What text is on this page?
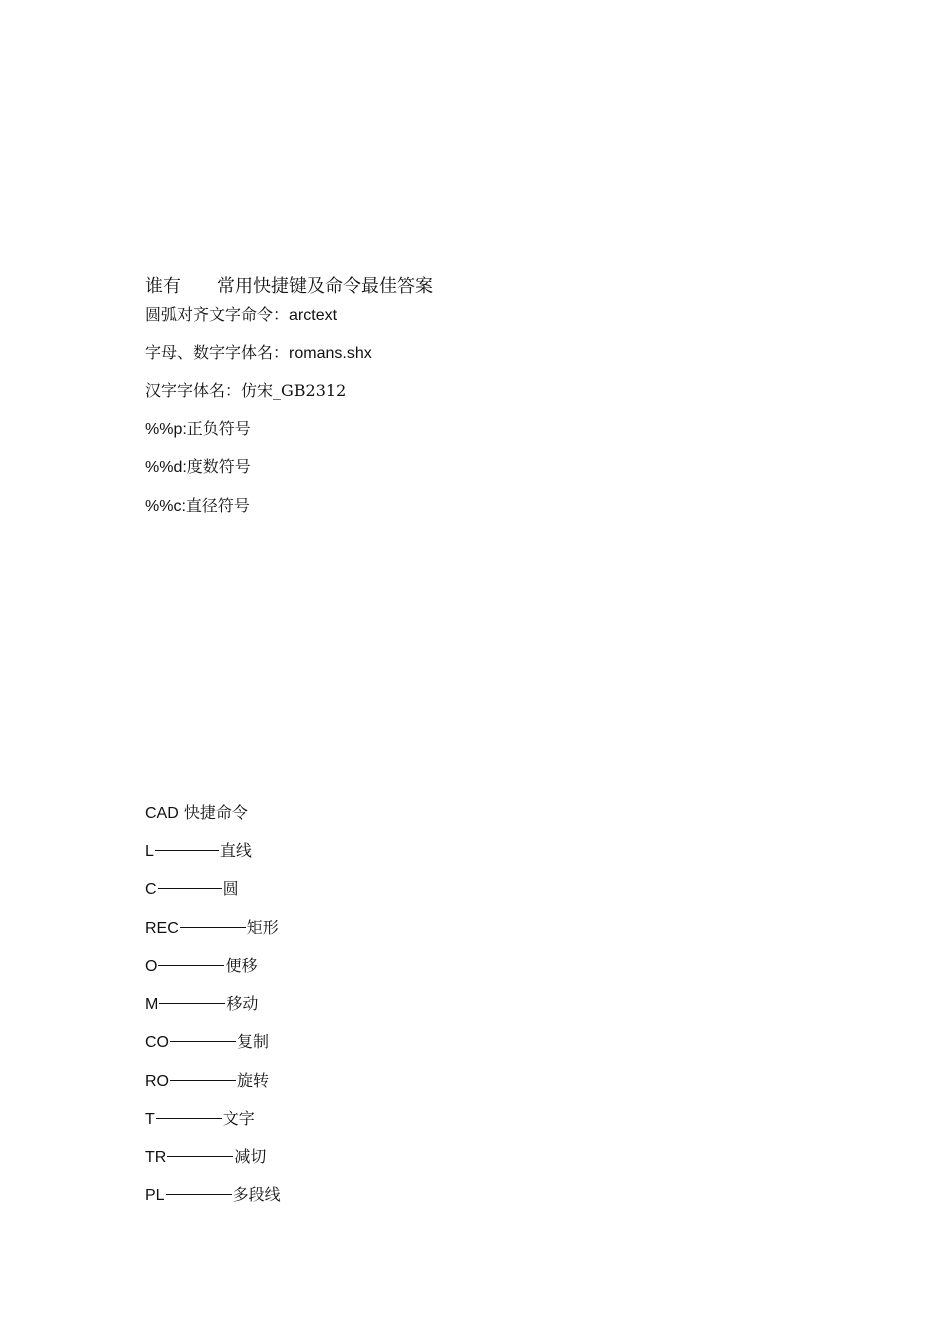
谁有 常用快捷键及命令最佳答案
圆弧对齐文字命令：arctext
字母、数字字体名：romans.shx
汉字字体名：仿宋_GB2312
%%p:正负符号
%%d:度数符号
%%c:直径符号
CAD 快捷命令
L	直线
C	圆
REC	矩形
O	便移
M	移动
CO	复制
RO	旋转
T	文字
TR	减切
PL	多段线
